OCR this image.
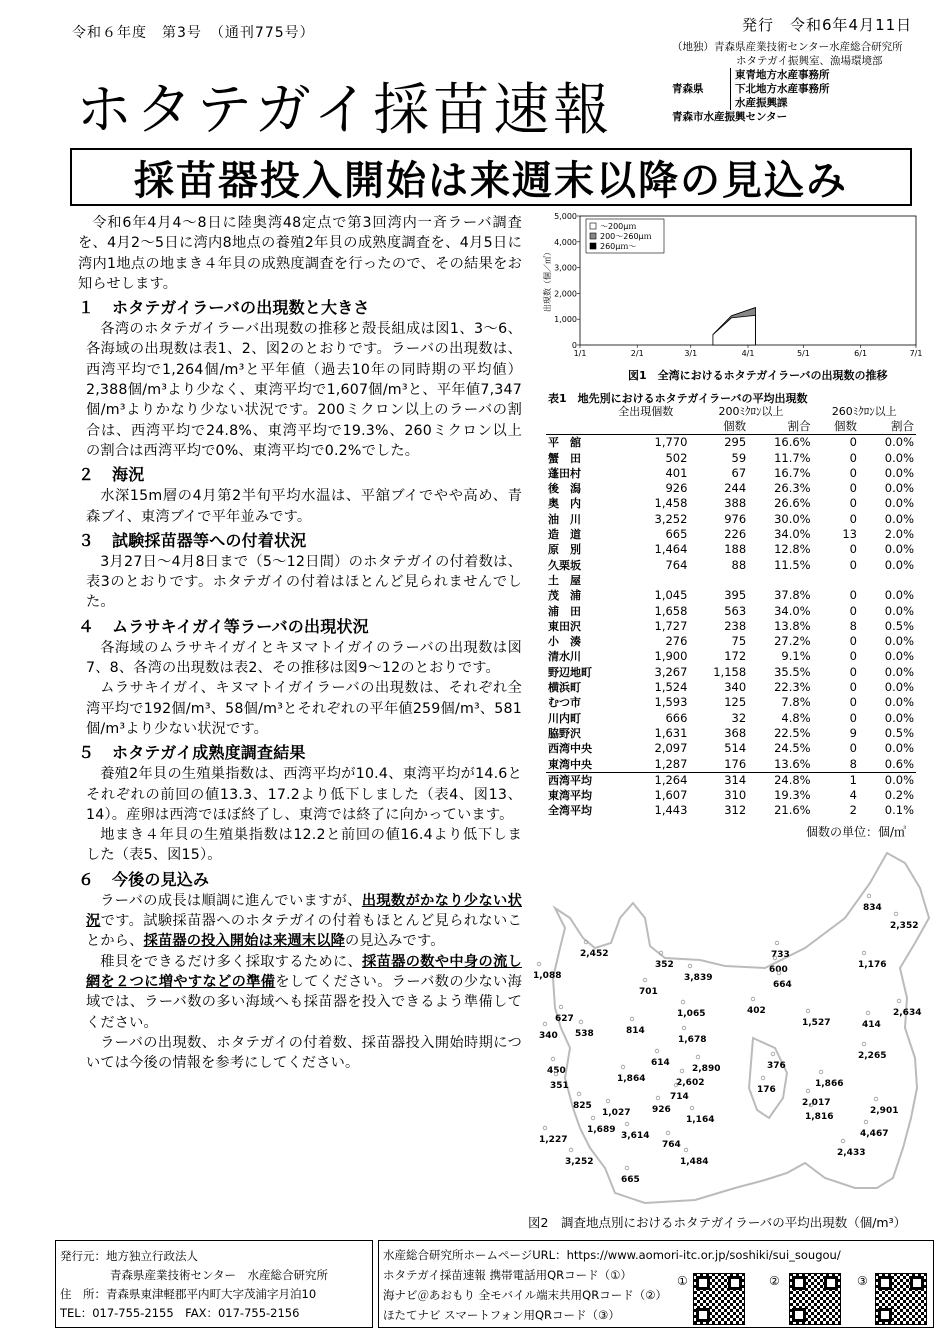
令和６年度　第3号　（通刊775号）	発行　令和6年4月11日
ホタテガイ採苗速報
（地独）青森県産業技術センター水産総合研究所
ホタテガイ振興室、漁場環境部
青森県
東青地方水産事務所
下北地方水産事務所
水産振興課
青森市水産振興センター
採苗器投入開始は来週末以降の見込み

令和6年4月4～8日に陸奥湾48定点で第3回湾内一斉ラーバ調査を、4月2～5日に湾内8地点の養殖2年貝の成熟度調査を、4月5日に湾内1地点の地まき４年貝の成熟度調査を行ったので、その結果をお知らせします。

１ ホタテガイラーバの出現数と大きさ

各湾のホタテガイラーバ出現数の推移と殻長組成は図1、3～6、各海域の出現数は表1、2、図2のとおりです。ラーバの出現数は、西湾平均で1,264個/m³と平年値（過去10年の同時期の平均値）2,388個/m³より少なく、東湾平均で1,607個/m³と、平年値7,347個/m³よりかなり少ない状況です。200ミクロン以上のラーバの割合は、西湾平均で24.8%、東湾平均で19.3%、260ミクロン以上の割合は西湾平均で0%、東湾平均で0.2%でした。

２ 海況

水深15m層の4月第2半旬平均水温は、平舘ブイでやや高め、青森ブイ、東湾ブイで平年並みです。

３ 試験採苗器等への付着状況

3月27日～4月8日まで（5～12日間）のホタテガイの付着数は、表3のとおりです。ホタテガイの付着はほとんど見られませんでした。

４ ムラサキイガイ等ラーバの出現状況

各海域のムラサキイガイとキヌマトイガイのラーバの出現数は図7、8、各湾の出現数は表2、その推移は図9～12のとおりです。

ムラサキイガイ、キヌマトイガイラーバの出現数は、それぞれ全湾平均で192個/m³、58個/m³とそれぞれの平年値259個/m³、581個/m³より少ない状況です。

５ ホタテガイ成熟度調査結果

養殖2年貝の生殖巣指数は、西湾平均が10.4、東湾平均が14.6とそれぞれの前回の値13.3、17.2より低下しました（表4、図13、14）。産卵は西湾でほぼ終了し、東湾では終了に向かっています。

地まき４年貝の生殖巣指数は12.2と前回の値16.4より低下しました（表5、図15）。

６ 今後の見込み

ラーバの成長は順調に進んでいますが、出現数がかなり少ない状況です。試験採苗器へのホタテガイの付着もほとんど見られないことから、採苗器の投入開始は来週末以降の見込みです。

稚貝をできるだけ多く採取するために、採苗器の数や中身の流し網を２つに増やすなどの準備をしてください。ラーバ数の少ない海域では、ラーバ数の多い海域へも採苗器を投入できるよう準備してください。

ラーバの出現数、ホタテガイの付着数、採苗器投入開始時期については今後の情報を参考にしてください。

5,000
4,000
3,000
2,000
1,000
0
1/1	2/1	3/1	4/1	5/1	6/1	7/1
出現数（個／㎥）
～200μｍ
200～260μｍ
260μｍ～
図1　全湾におけるホタテガイラーバの出現数の推移
表1　地先別におけるホタテガイラーバの平均出現数
	全出現個数	200ﾐｸﾛﾝ以上		260ﾐｸﾛﾝ以上	
		個数	割合	個数	割合
平　舘	1,770	295	16.6%	0	0.0%
蟹　田	502	59	11.7%	0	0.0%
蓬田村	401	67	16.7%	0	0.0%
後　潟	926	244	26.3%	0	0.0%
奥　内	1,458	388	26.6%	0	0.0%
油　川	3,252	976	30.0%	0	0.0%
造　道	665	226	34.0%	13	2.0%
原　別	1,464	188	12.8%	0	0.0%
久栗坂	764	88	11.5%	0	0.0%
土　屋					
茂　浦	1,045	395	37.8%	0	0.0%
浦　田	1,658	563	34.0%	0	0.0%
東田沢	1,727	238	13.8%	8	0.5%
小　湊	276	75	27.2%	0	0.0%
清水川	1,900	172	9.1%	0	0.0%
野辺地町	3,267	1,158	35.5%	0	0.0%
横浜町	1,524	340	22.3%	0	0.0%
むつ市	1,593	125	7.8%	0	0.0%
川内町	666	32	4.8%	0	0.0%
脇野沢	1,631	368	22.5%	9	0.5%
西湾中央	2,097	514	24.5%	0	0.0%
東湾中央	1,287	176	13.6%	8	0.6%
西湾平均	1,264	314	24.8%	1	0.0%
東湾平均	1,607	310	19.3%	4	0.2%
全湾平均	1,443	312	21.6%	2	0.1%
個数の単位：個/㎥
834
2,352
1,176
2,634
1,527	414
2,265
733
600
664
402
376
176
1,866
2,017
1,816
2,901
4,467
2,433
2,452
1,088
352
3,839
701
627
340 538	814
1,065
1,678
450
351
1,864
614
2,890
2,602
714
825
1,027 926
1,689
1,164
1,227	3,614
764
1,484
3,252
665
図2　調査地点別におけるホタテガイラーバの平均出現数（個/m³）
発行元：地方独立行政法人
青森県産業技術センター　水産総合研究所
住　所：青森県東津軽郡平内町大字茂浦字月泊10
TEL：017-755-2155　FAX：017-755-2156
水産総合研究所ホームページURL：https://www.aomori-itc.or.jp/soshiki/sui_sougou/
ホタテガイ採苗速報 携帯電話用QRコード（①）
海ナビ＠あおもり 全モバイル端末共用QRコード（②）
ほたてナビ スマートフォン用QRコード（③）
①	②	③
